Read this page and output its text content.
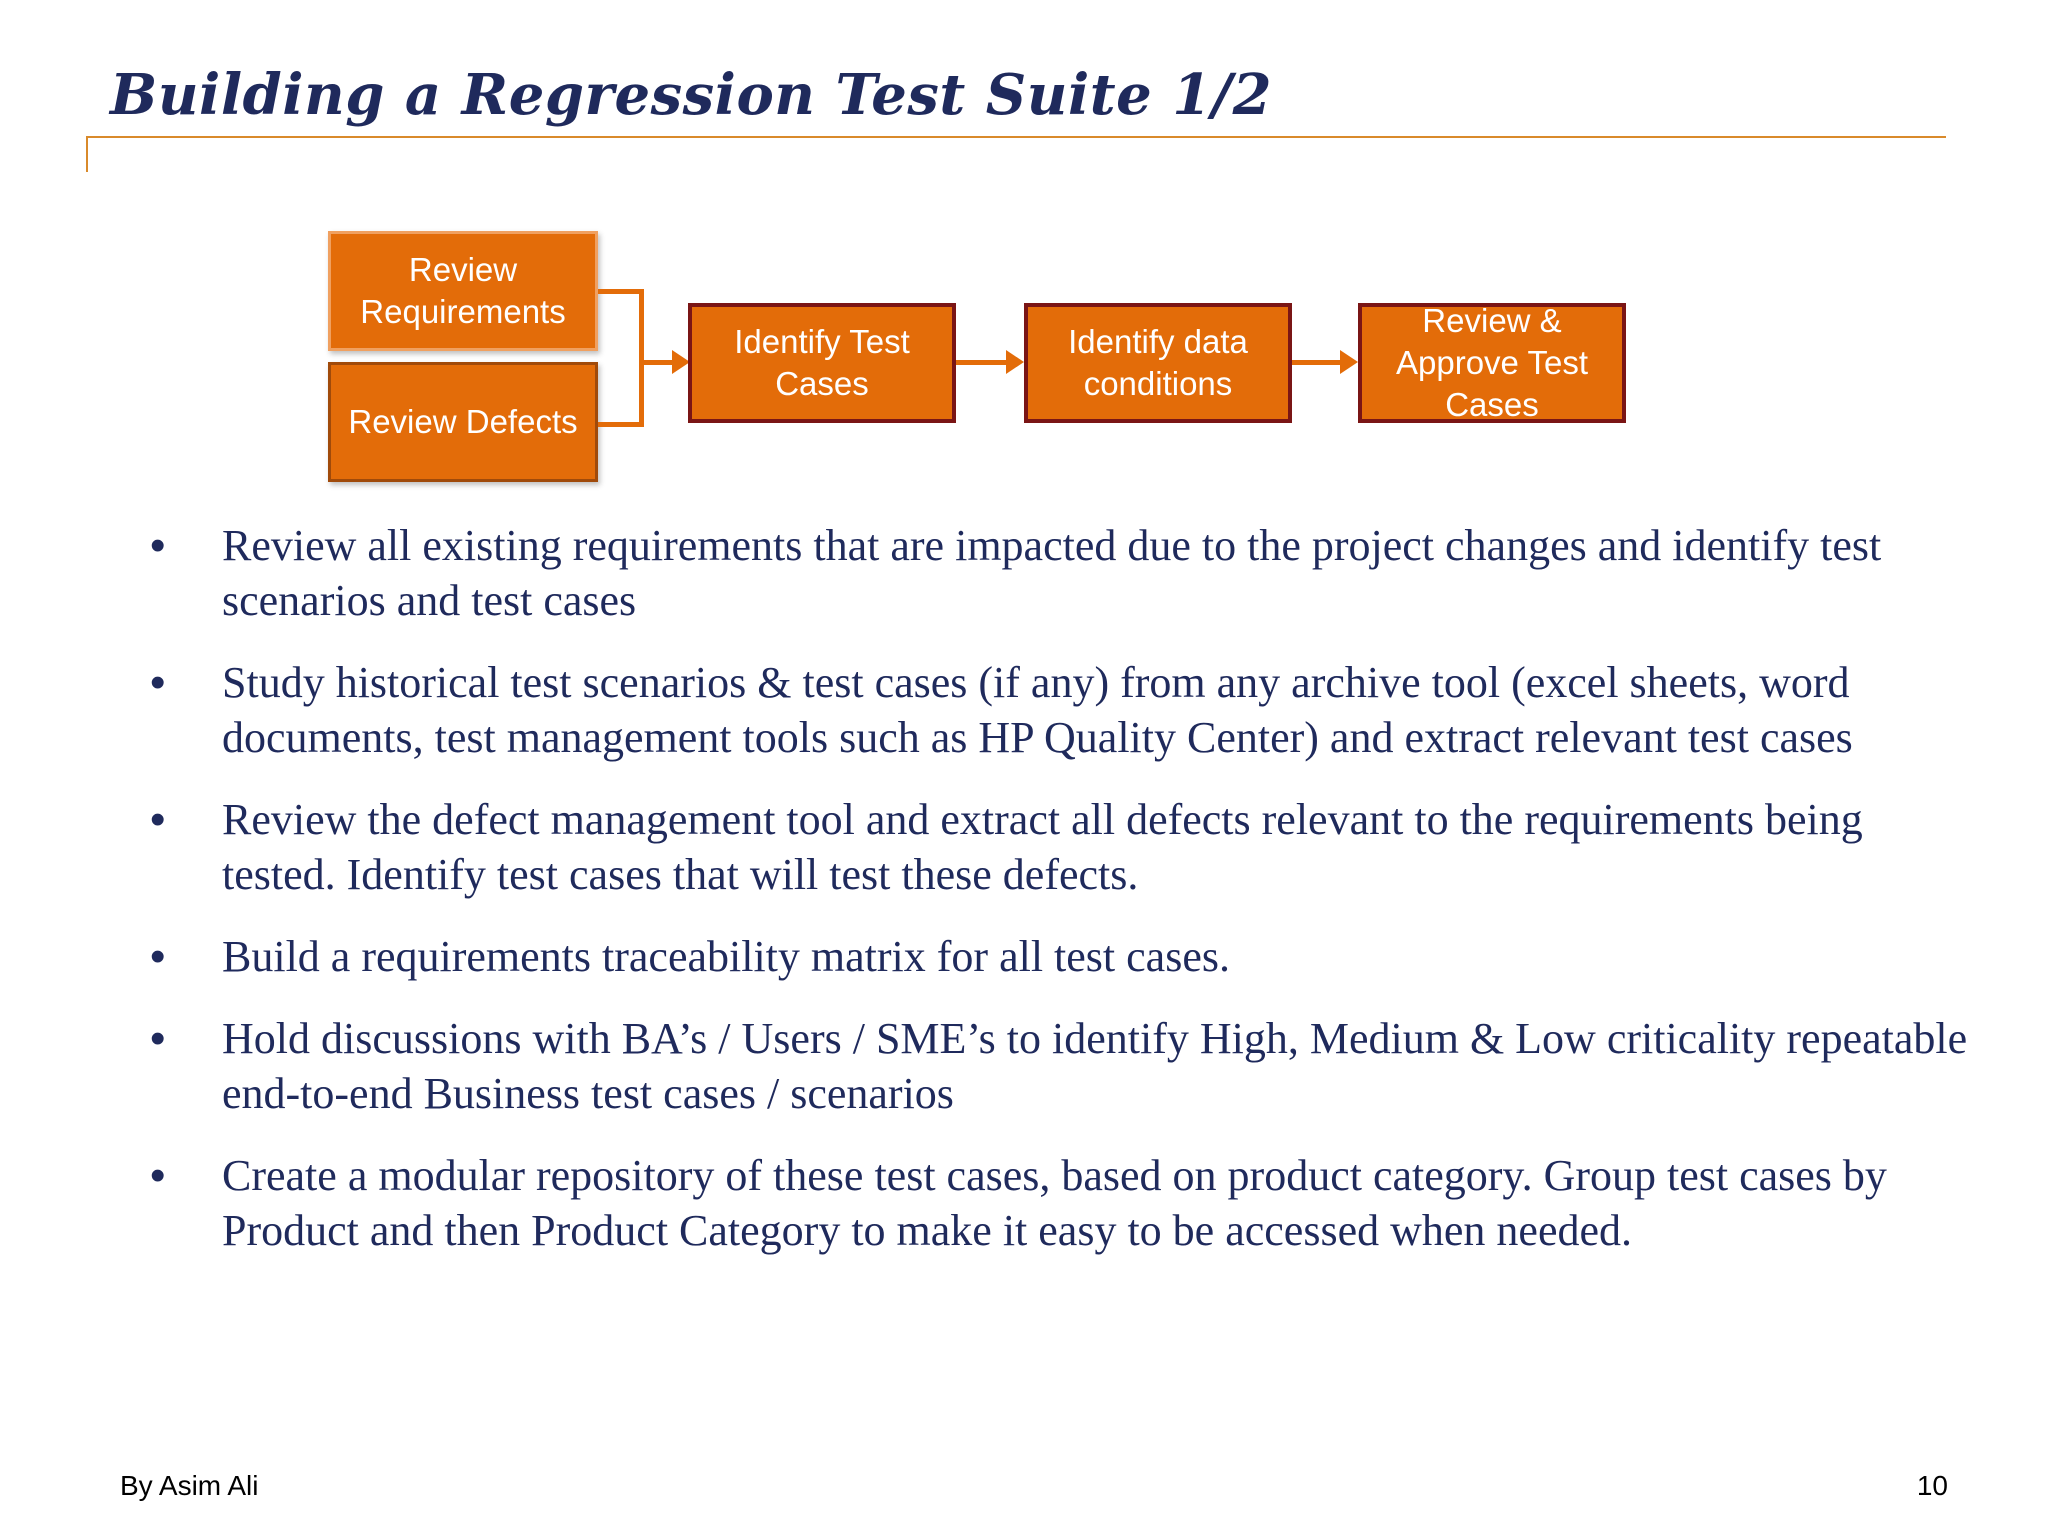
Building a Regression Test Suite 1/2
Review Requirements
Review Defects
Identify Test Cases
Identify data conditions
Review & Approve Test Cases
• Review all existing requirements that are impacted due to the project changes and identify test scenarios and test cases
• Study historical test scenarios & test cases (if any) from any archive tool (excel sheets, word documents, test management tools such as HP Quality Center) and extract relevant test cases
• Review the defect management tool and extract all defects relevant to the requirements being tested. Identify test cases that will test these defects.
• Build a requirements traceability matrix for all test cases.
• Hold discussions with BA’s / Users / SME’s to identify High, Medium & Low criticality repeatable end-to-end Business test cases / scenarios
• Create a modular repository of these test cases, based on product category. Group test cases by Product and then Product Category to make it easy to be accessed when needed.
By Asim Ali	10
